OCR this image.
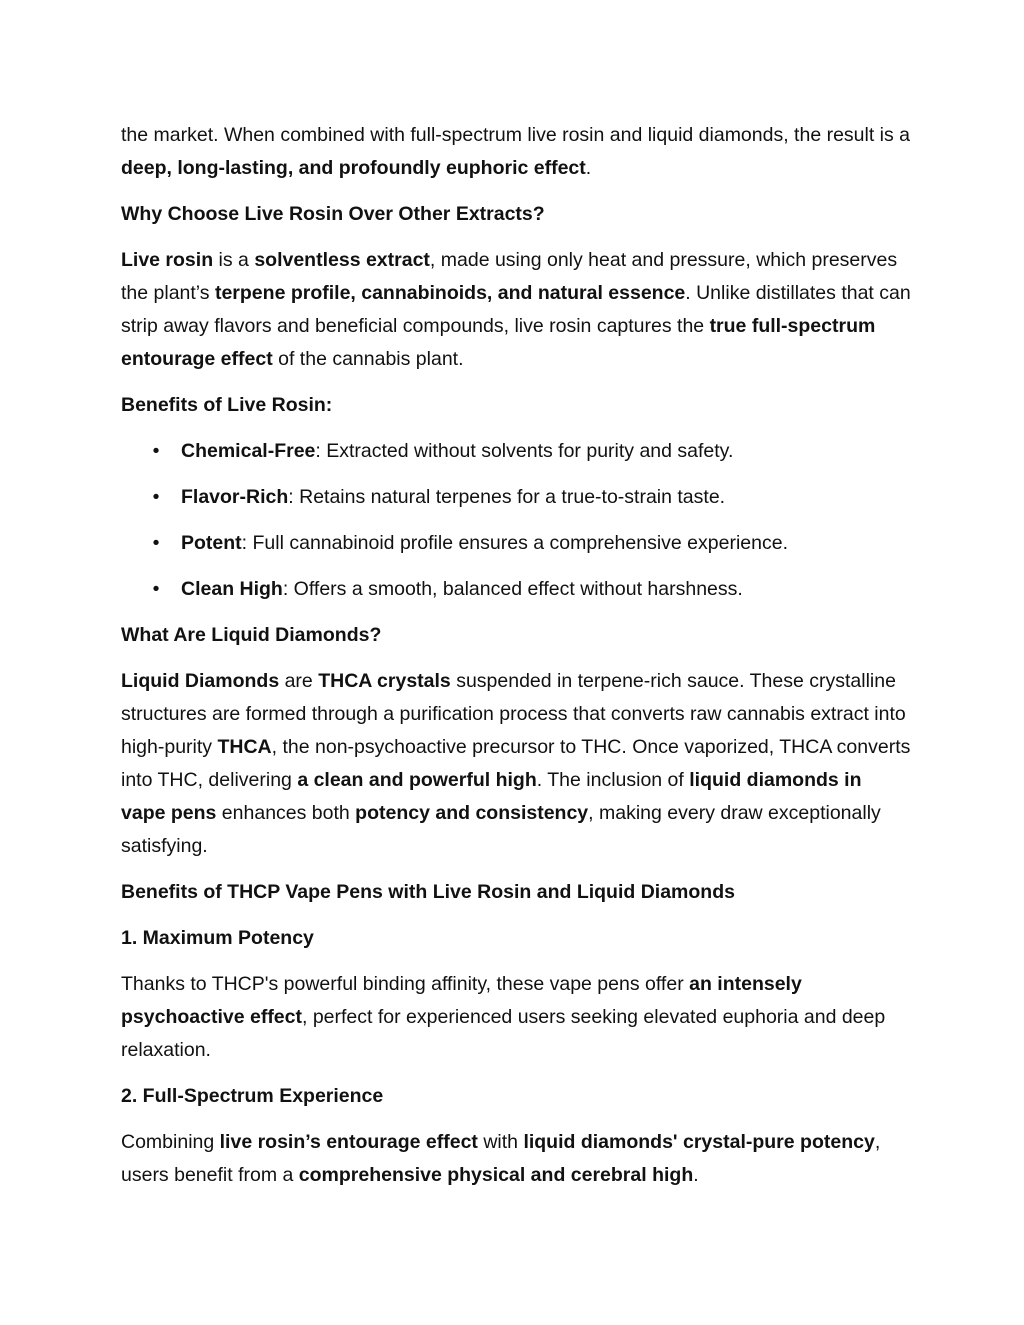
the market. When combined with full-spectrum live rosin and liquid diamonds, the result is a deep, long-lasting, and profoundly euphoric effect.

Why Choose Live Rosin Over Other Extracts?

Live rosin is a solventless extract, made using only heat and pressure, which preserves the plant’s terpene profile, cannabinoids, and natural essence. Unlike distillates that can strip away flavors and beneficial compounds, live rosin captures the true full-spectrum entourage effect of the cannabis plant.

Benefits of Live Rosin:
• Chemical-Free: Extracted without solvents for purity and safety.
• Flavor-Rich: Retains natural terpenes for a true-to-strain taste.
• Potent: Full cannabinoid profile ensures a comprehensive experience.
• Clean High: Offers a smooth, balanced effect without harshness.
What Are Liquid Diamonds?

Liquid Diamonds are THCA crystals suspended in terpene-rich sauce. These crystalline structures are formed through a purification process that converts raw cannabis extract into high-purity THCA, the non-psychoactive precursor to THC. Once vaporized, THCA converts into THC, delivering a clean and powerful high. The inclusion of liquid diamonds in vape pens enhances both potency and consistency, making every draw exceptionally satisfying.

Benefits of THCP Vape Pens with Live Rosin and Liquid Diamonds
1. Maximum Potency

Thanks to THCP's powerful binding affinity, these vape pens offer an intensely psychoactive effect, perfect for experienced users seeking elevated euphoria and deep relaxation.

2. Full-Spectrum Experience

Combining live rosin’s entourage effect with liquid diamonds' crystal-pure potency, users benefit from a comprehensive physical and cerebral high.
